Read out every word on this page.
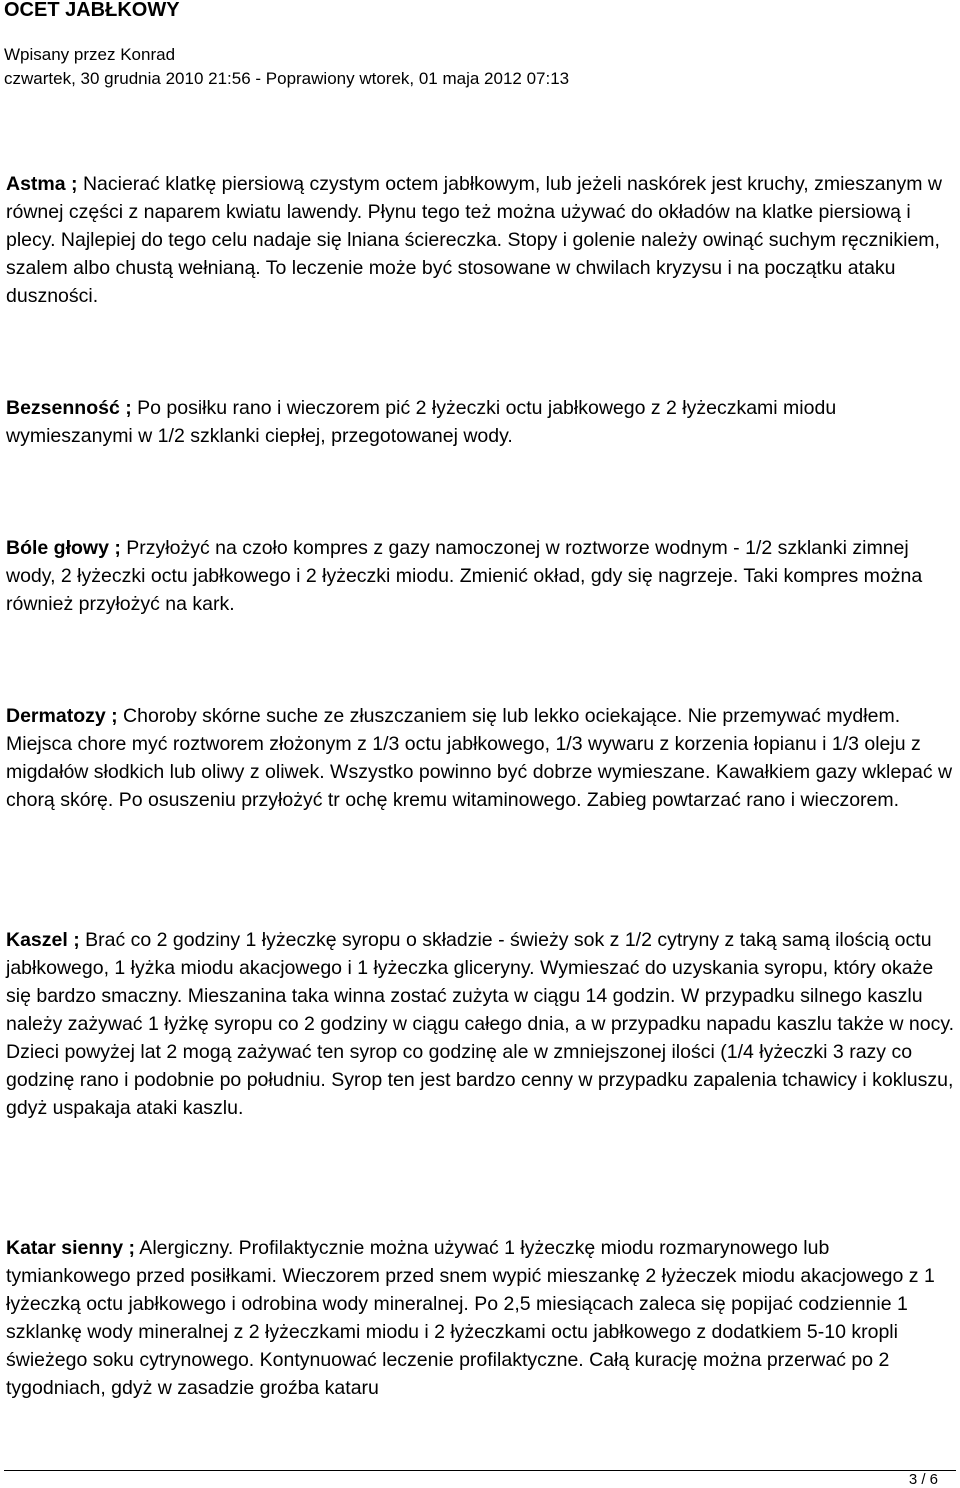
OCET JABŁKOWY
Wpisany przez Konrad
czwartek, 30 grudnia 2010 21:56 - Poprawiony wtorek, 01 maja 2012 07:13

Astma ; Nacierać klatkę piersiową czystym octem jabłkowym, lub jeżeli naskórek jest kruchy, zmieszanym w równej części z naparem kwiatu lawendy. Płynu tego też można używać do okładów na klatke piersiową i plecy. Najlepiej do tego celu nadaje się lniana ściereczka. Stopy i golenie należy owinąć suchym ręcznikiem, szalem albo chustą wełnianą. To leczenie może być stosowane w chwilach kryzysu i na początku ataku duszności.

Bezsenność ; Po posiłku rano i wieczorem pić 2 łyżeczki octu jabłkowego z 2 łyżeczkami miodu wymieszanymi w 1/2 szklanki ciepłej, przegotowanej wody.

Bóle głowy ; Przyłożyć na czoło kompres z gazy namoczonej w roztworze wodnym - 1/2 szklanki zimnej wody, 2 łyżeczki octu jabłkowego i 2 łyżeczki miodu. Zmienić okład, gdy się nagrzeje. Taki kompres można również przyłożyć na kark.

Dermatozy ; Choroby skórne suche ze złuszczaniem się lub lekko ociekające. Nie przemywać mydłem. Miejsca chore myć roztworem złożonym z 1/3 octu jabłkowego, 1/3 wywaru z korzenia łopianu i 1/3 oleju z migdałów słodkich lub oliwy z oliwek. Wszystko powinno być dobrze wymieszane. Kawałkiem gazy wklepać w chorą skórę. Po osuszeniu przyłożyć tr ochę kremu witaminowego. Zabieg powtarzać rano i wieczorem.

Kaszel ; Brać co 2 godziny 1 łyżeczkę syropu o składzie - świeży sok z 1/2 cytryny z taką samą ilością octu jabłkowego, 1 łyżka miodu akacjowego i 1 łyżeczka gliceryny. Wymieszać do uzyskania syropu, który okaże się bardzo smaczny. Mieszanina taka winna zostać zużyta w ciągu 14 godzin. W przypadku silnego kaszlu należy zażywać 1 łyżkę syropu co 2 godziny w ciągu całego dnia, a w przypadku napadu kaszlu także w nocy. Dzieci powyżej lat 2 mogą zażywać ten syrop co godzinę ale w zmniejszonej ilości (1/4 łyżeczki 3 razy co godzinę rano i podobnie po południu. Syrop ten jest bardzo cenny w przypadku zapalenia tchawicy i kokluszu, gdyż uspakaja ataki kaszlu.

Katar sienny ; Alergiczny. Profilaktycznie można używać 1 łyżeczkę miodu rozmarynowego lub tymiankowego przed posiłkami. Wieczorem przed snem wypić mieszankę 2 łyżeczek miodu akacjowego z 1 łyżeczką octu jabłkowego i odrobina wody mineralnej. Po 2,5 miesiącach zaleca się popijać codziennie 1 szklankę wody mineralnej z 2 łyżeczkami miodu i 2 łyżeczkami octu jabłkowego z dodatkiem 5-10 kropli świeżego soku cytrynowego. Kontynuować leczenie profilaktyczne. Całą kurację można przerwać po 2 tygodniach, gdyż w zasadzie groźba kataru

3 / 6
